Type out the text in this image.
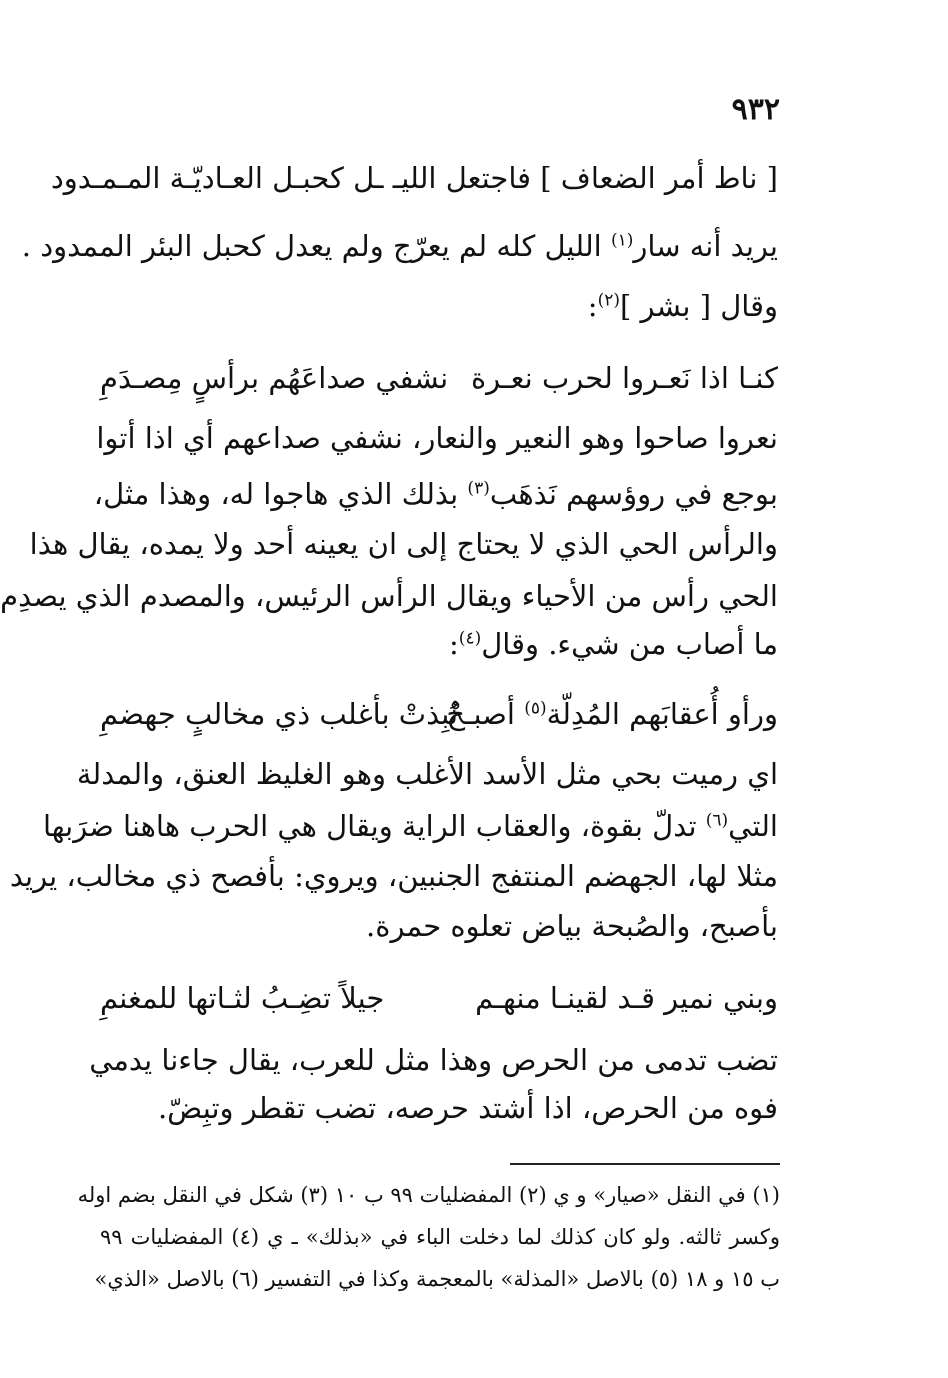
٩٣٢
[ ناط أمر الضعاف ] فاجتعل الليـ ـل كحبـل العـاديّـة المـمـدود
يريد أنه سار$^{(١)}$ الليل كله لم يعرّج ولم يعدل كحبل البئر الممدود .
وقال [ بشر ]$^{(٢)}$:
كنـا اذا نَعـروا لحرب نعـرة
نشفي صداعَهُم برأسٍ مِصـدَمِ
نعروا صاحوا وهو النعير والنعار، نشفي صداعهم أي اذا أتوا
بوجع في روؤسهم نَذهَب$^{(٣)}$ بذلك الذي هاجوا له، وهذا مثل،
والرأس الحي الذي لا يحتاج إلى ان يعينه أحد ولا يمده، يقال هذا
الحي رأس من الأحياء ويقال الرأس الرئيس، والمصدم الذي يصدِم
ما أصاب من شيء. وقال$^{(٤)}$:
ورأو أُعقابَهم المُدِلّة$^{(٥)}$ أصبـحْ
نُبِذتْ بأغلب ذي مخالبٍ جهضمِ
اي رميت بحي مثل الأسد الأغلب وهو الغليظ العنق، والمدلة
التي$^{(٦)}$ تدلّ بقوة، والعقاب الراية ويقال هي الحرب هاهنا ضرَبها
مثلا لها، الجهضم المنتفج الجنبين، ويروي: بأفصح ذي مخالب، يريد
بأصبح، والصُبحة بياض تعلوه حمرة.
وبني نمير قـد لقينـا منهـم
جيلاً تضِـبُ لثـاتها للمغنمِ
تضب تدمى من الحرص وهذا مثل للعرب، يقال جاءنا يدمي
فوه من الحرص، اذا أشتد حرصه، تضب تقطر وتبِضّ.
(١) في النقل «صيار» و ي (٢) المفضليات ٩٩ ب ١٠ (٣) شكل في النقل بضم اوله
وكسر ثالثه. ولو كان كذلك لما دخلت الباء في «بذلك» ـ ي (٤) المفضليات ٩٩
ب ١٥ و ١٨ (٥) بالاصل «المذلة» بالمعجمة وكذا في التفسير (٦) بالاصل «الذي»
